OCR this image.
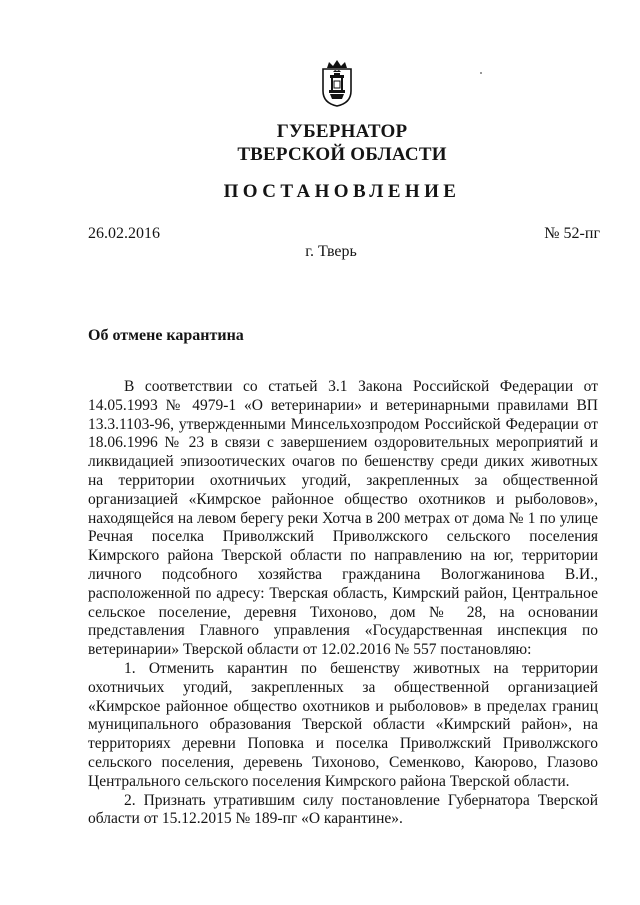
ГУБЕРНАТОР
ТВЕРСКОЙ ОБЛАСТИ
ПОСТАНОВЛЕНИЕ
26.02.2016	№ 52-пг
г. Тверь
Об отмене карантина

В соответствии со статьей 3.1 Закона Российской Федерации от 14.05.1993 № 4979-1 «О ветеринарии» и ветеринарными правилами ВП 13.3.1103-96, утвержденными Минсельхозпродом Российской Федерации от 18.06.1996 № 23 в связи с завершением оздоровительных мероприятий и ликвидацией эпизоотических очагов по бешенству среди диких животных на территории охотничьих угодий, закрепленных за общественной организацией «Кимрское районное общество охотников и рыболовов», находящейся на левом берегу реки Хотча в 200 метрах от дома № 1 по улице Речная поселка Приволжский Приволжского сельского поселения Кимрского района Тверской области по направлению на юг, территории личного подсобного хозяйства гражданина Вологжанинова В.И., расположенной по адресу: Тверская область, Кимрский район, Центральное сельское поселение, деревня Тихоново, дом № 28, на основании представления Главного управления «Государственная инспекция по ветеринарии» Тверской области от 12.02.2016 № 557 постановляю:

1. Отменить карантин по бешенству животных на территории охотничьих угодий, закрепленных за общественной организацией «Кимрское районное общество охотников и рыболовов» в пределах границ муниципального образования Тверской области «Кимрский район», на территориях деревни Поповка и поселка Приволжский Приволжского сельского поселения, деревень Тихоново, Семенково, Каюрово, Глазово Центрального сельского поселения Кимрского района Тверской области.

2. Признать утратившим силу постановление Губернатора Тверской области от 15.12.2015 № 189-пг «О карантине».
